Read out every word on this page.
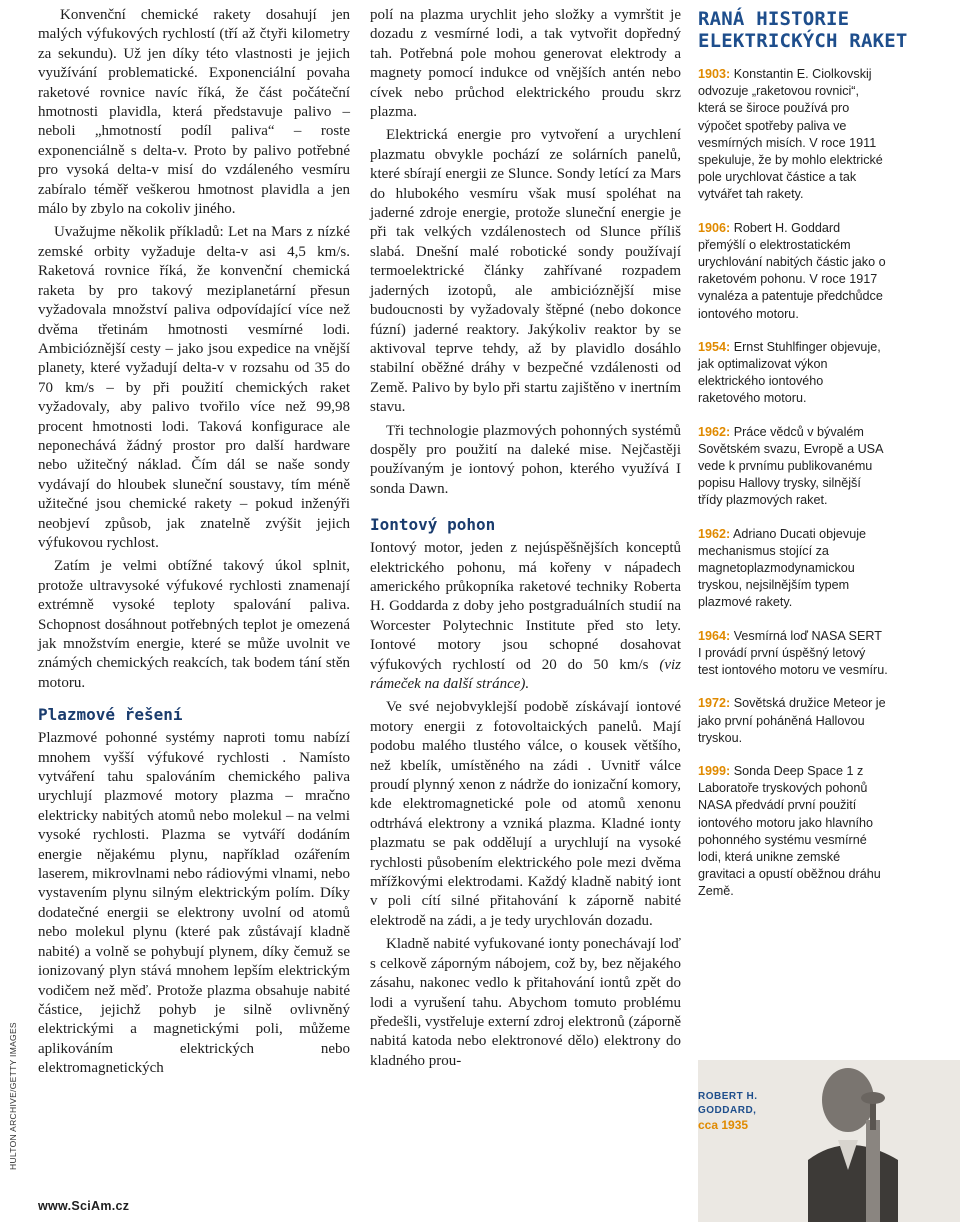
Konvenční chemické rakety dosahují jen malých výfukových rychlostí (tří až čtyři kilometry za sekundu). Už jen díky této vlastnosti je jejich využívání problematické. Exponenciální povaha raketové rovnice navíc říká, že část počáteční hmotnosti plavidla, která představuje palivo – neboli „hmotností podíl paliva“ – roste exponenciálně s delta-v. Proto by palivo potřebné pro vysoká delta-v misí do vzdáleného vesmíru zabíralo téměř veškerou hmotnost plavidla a jen málo by zbylo na cokoliv jiného.

Uvažujme několik příkladů: Let na Mars z nízké zemské orbity vyžaduje delta-v asi 4,5 km/s. Raketová rovnice říká, že konvenční chemická raketa by pro takový meziplanetární přesun vyžadovala množství paliva odpovídající více než dvěma třetinám hmotnosti vesmírné lodi. Ambicióznější cesty – jako jsou expedice na vnější planety, které vyžadují delta-v v rozsahu od 35 do 70 km/s – by při použití chemických raket vyžadovaly, aby palivo tvořilo více než 99,98 procent hmotnosti lodi. Taková konfigurace ale neponechává žádný prostor pro další hardware nebo užitečný náklad. Čím dál se naše sondy vydávají do hloubek sluneční soustavy, tím méně užitečné jsou chemické rakety – pokud inženýři neobjeví způsob, jak znatelně zvýšit jejich výfukovou rychlost.

Zatím je velmi obtížné takový úkol splnit, protože ultravysoké výfukové rychlosti znamenají extrémně vysoké teploty spalování paliva. Schopnost dosáhnout potřebných teplot je omezená jak množstvím energie, které se může uvolnit ve známých chemických reakcích, tak bodem tání stěn motoru.

Plazmové řešení

Plazmové pohonné systémy naproti tomu nabízí mnohem vyšší výfukové rychlosti . Namísto vytváření tahu spalováním chemického paliva urychlují plazmové motory plazma – mračno elektricky nabitých atomů nebo molekul – na velmi vysoké rychlosti. Plazma se vytváří dodáním energie nějakému plynu, například ozářením laserem, mikrovlnami nebo rádiovými vlnami, nebo vystavením plynu silným elektrickým polím. Díky dodatečné energii se elektrony uvolní od atomů nebo molekul plynu (které pak zůstávají kladně nabité) a volně se pohybují plynem, díky čemuž se ionizovaný plyn stává mnohem lepším elektrickým vodičem než měď. Protože plazma obsahuje nabité částice, jejichž pohyb je silně ovlivněný elektrickými a magnetickými poli, můžeme aplikováním elektrických nebo elektromagnetických

polí na plazma urychlit jeho složky a vymrštit je dozadu z vesmírné lodi, a tak vytvořit dopředný tah. Potřebná pole mohou generovat elektrody a magnety pomocí indukce od vnějších antén nebo cívek nebo průchod elektrického proudu skrz plazma.

Elektrická energie pro vytvoření a urychlení plazmatu obvykle pochází ze solárních panelů, které sbírají energii ze Slunce. Sondy letící za Mars do hlubokého vesmíru však musí spoléhat na jaderné zdroje energie, protože sluneční energie je při tak velkých vzdálenostech od Slunce příliš slabá. Dnešní malé robotické sondy používají termoelektrické články zahřívané rozpadem jaderných izotopů, ale ambicióznější mise budoucnosti by vyžadovaly štěpné (nebo dokonce fúzní) jaderné reaktory. Jakýkoliv reaktor by se aktivoval teprve tehdy, až by plavidlo dosáhlo stabilní oběžné dráhy v bezpečné vzdálenosti od Země. Palivo by bylo při startu zajištěno v inertním stavu.

Tři technologie plazmových pohonných systémů dospěly pro použití na daleké mise. Nejčastěji používaným je iontový pohon, kterého využívá I sonda Dawn.

Iontový pohon

Iontový motor, jeden z nejúspěšnějších konceptů elektrického pohonu, má kořeny v nápadech amerického průkopníka raketové techniky Roberta H. Goddarda z doby jeho postgraduálních studií na Worcester Polytechnic Institute před sto lety. Iontové motory jsou schopné dosahovat výfukových rychlostí od 20 do 50 km/s (viz rámeček na další stránce).

Ve své nejobvyklejší podobě získávají iontové motory energii z fotovoltaických panelů. Mají podobu malého tlustého válce, o kousek většího, než kbelík, umístěného na zádi . Uvnitř válce proudí plynný xenon z nádrže do ionizační komory, kde elektromagnetické pole od atomů xenonu odtrhává elektrony a vzniká plazma. Kladné ionty plazmatu se pak oddělují a urychlují na vysoké rychlosti působením elektrického pole mezi dvěma mřížkovými elektrodami. Každý kladně nabitý iont v poli cítí silné přitahování k záporně nabité elektrodě na zádi, a je tedy urychlován dozadu.

Kladně nabité vyfukované ionty ponechávají loď s celkově záporným nábojem, což by, bez nějakého zásahu, nakonec vedlo k přitahování iontů zpět do lodi a vyrušení tahu. Abychom tomuto problému předešli, vystřeluje externí zdroj elektronů (záporně nabitá katoda nebo elektronové dělo) elektrony do kladného prou-

RANÁ HISTORIE ELEKTRICKÝCH RAKET
1903: Konstantin E. Ciolkovskij odvozuje „raketovou rovnici“, která se široce používá pro výpočet spotřeby paliva ve vesmírných misích. V roce 1911 spekuluje, že by mohlo elektrické pole urychlovat částice a tak vytvářet tah rakety.
1906: Robert H. Goddard přemýšlí o elektrostatickém urychlování nabitých částic jako o raketovém pohonu. V roce 1917 vynaléza a patentuje předchůdce iontového motoru.
1954: Ernst Stuhlfinger objevuje, jak optimalizovat výkon elektrického iontového raketového motoru.
1962: Práce vědců v bývalém Sovětském svazu, Evropě a USA vede k prvnímu publikovanému popisu Hallovy trysky, silnější třídy plazmových raket.
1962: Adriano Ducati objevuje mechanismus stojící za magnetoplazmodynamickou tryskou, nejsilnějším typem plazmové rakety.
1964: Vesmírná loď NASA SERT I provádí první úspěšný letový test iontového motoru ve vesmíru.
1972: Sovětská družice Meteor je jako první poháněná Hallovou tryskou.
1999: Sonda Deep Space 1 z Laboratoře tryskových pohonů NASA předvádí první použití iontového motoru jako hlavního pohonného systému vesmírné lodi, která unikne zemské gravitaci a opustí oběžnou dráhu Země.
ROBERT H.
GODDARD,
cca 1935
HULTON ARCHIVE/GETTY IMAGES
www.SciAm.cz
